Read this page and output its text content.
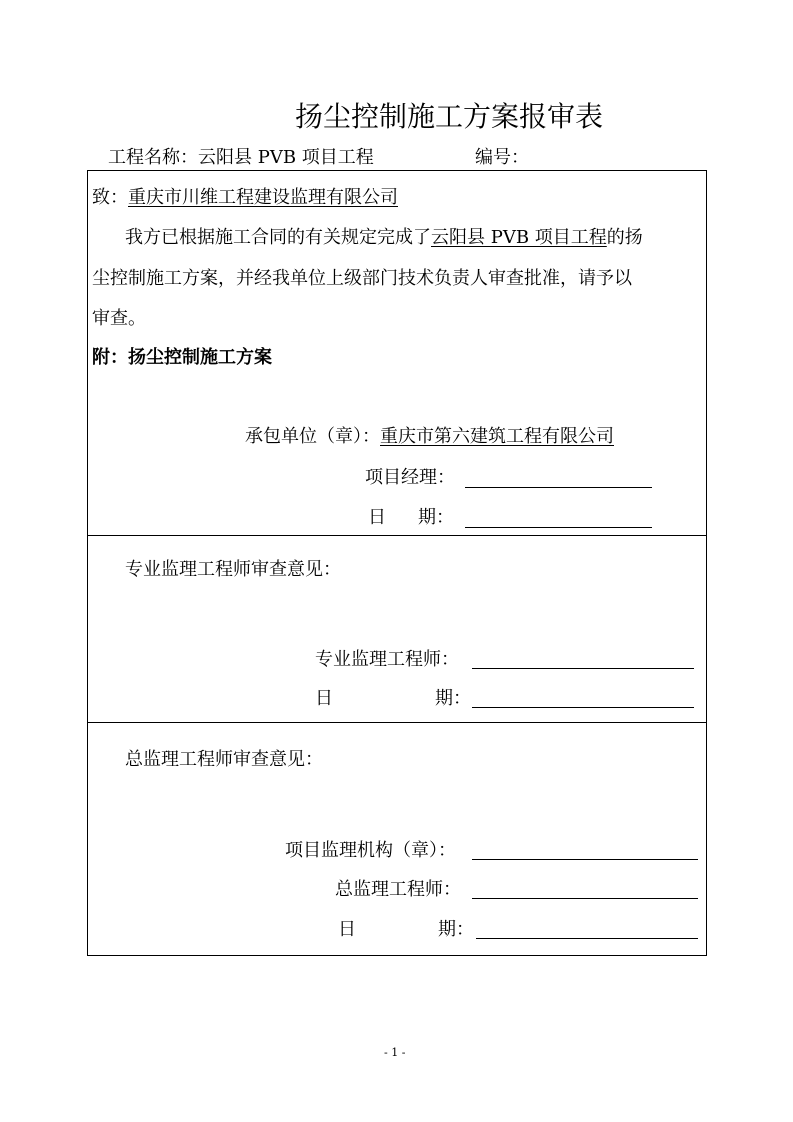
扬尘控制施工方案报审表
工程名称：云阳县 PVB 项目工程	编号：
致：重庆市川维工程建设监理有限公司
我方已根据施工合同的有关规定完成了云阳县 PVB 项目工程的扬
尘控制施工方案，并经我单位上级部门技术负责人审查批准，请予以
审查。
附：扬尘控制施工方案
承包单位（章）：重庆市第六建筑工程有限公司
项目经理：
日 期：
专业监理工程师审查意见：
专业监理工程师：
日	期：
总监理工程师审查意见：
项目监理机构（章）：
总监理工程师：
日	期：
- 1 -
